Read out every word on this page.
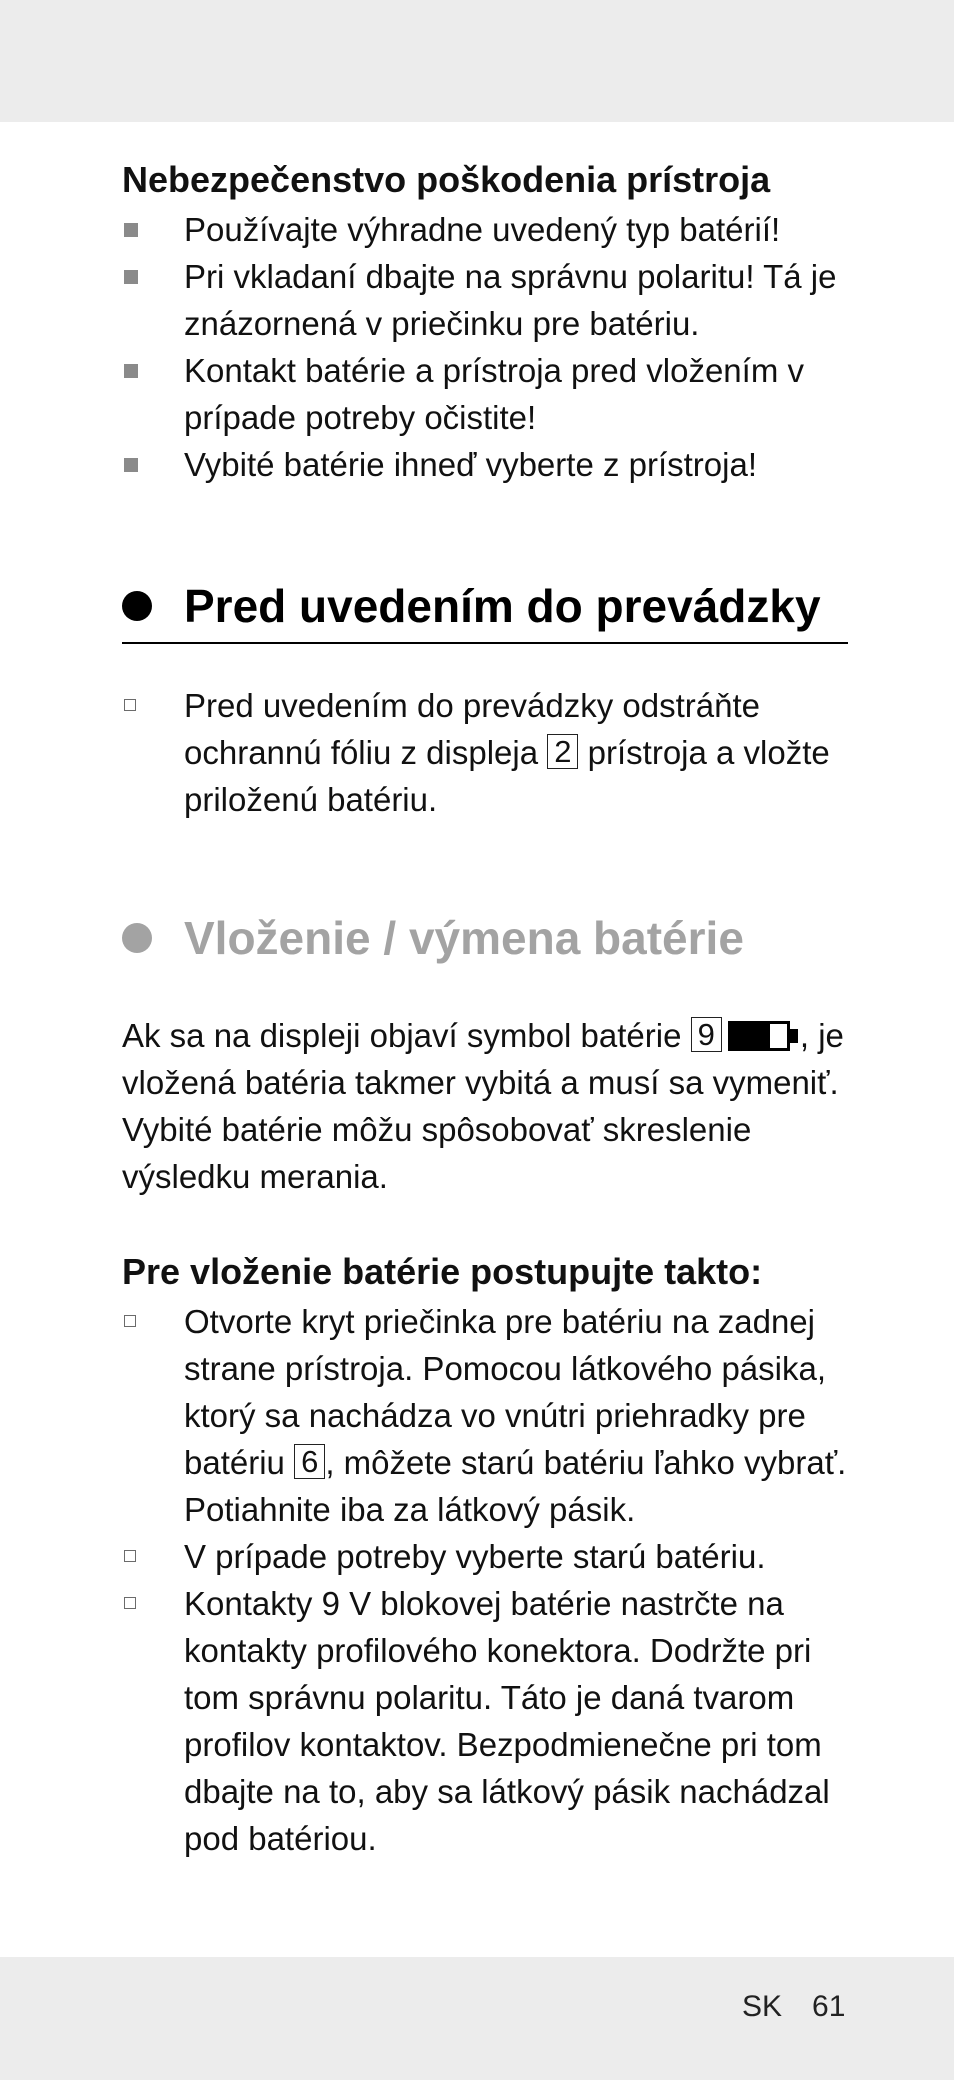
Nebezpečenstvo poškodenia prístroja
Používajte výhradne uvedený typ batérií!
Pri vkladaní dbajte na správnu polaritu! Tá je znázornená v priečinku pre batériu.
Kontakt batérie a prístroja pred vložením v prípade potreby očistite!
Vybité batérie ihneď vyberte z prístroja!
Pred uvedením do prevádzky
Pred uvedením do prevádzky odstráňte ochrannú fóliu z displeja 2 prístroja a vložte priloženú batériu.
Vloženie / výmena batérie

Ak sa na displeji objaví symbol batérie 9	, je vložená batéria takmer vybitá a musí sa vymeniť. Vybité batérie môžu spôsobovať skreslenie výsledku merania.

Pre vloženie batérie postupujte takto:
Otvorte kryt priečinka pre batériu na zadnej strane prístroja. Pomocou látkového pásika, ktorý sa nachádza vo vnútri priehradky pre batériu 6 , môžete starú batériu ľahko vybrať. Potiahnite iba za látkový pásik.
V prípade potreby vyberte starú batériu.
Kontakty 9 V blokovej batérie nastrčte na kontakty profilového konektora. Dodržte pri tom správnu polaritu. Táto je daná tvarom profilov kontaktov. Bezpodmienečne pri tom dbajte na to, aby sa látkový pásik nachádzal pod batériou.
SK 61
